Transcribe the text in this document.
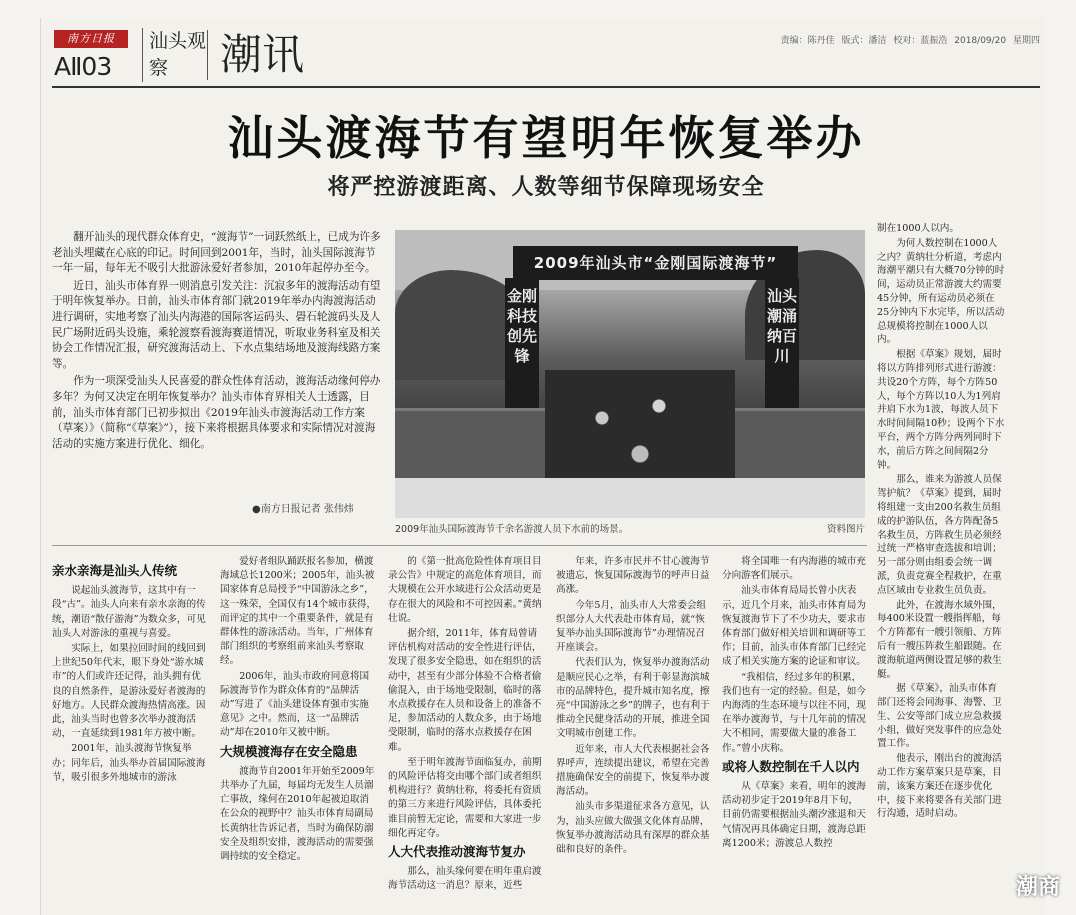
南方日报
AⅡ03
汕头观察	潮讯	责编：陈丹佳 版式：潘洁 校对：蓝振浩 2018/09/20 星期四
汕头渡海节有望明年恢复举办
将严控游渡距离、人数等细节保障现场安全

翻开汕头的现代群众体育史，“渡海节”一词跃然纸上，已成为许多老汕头埋藏在心底的印记。时间回到2001年，当时，汕头国际渡海节一年一届，每年无不吸引大批游泳爱好者参加，2010年起停办至今。

近日，汕头市体育界一则消息引发关注：沉寂多年的渡海活动有望于明年恢复举办。日前，汕头市体育部门就2019年举办内海渡海活动进行调研，实地考察了汕头内海港的国际客运码头、礐石轮渡码头及人民广场附近码头设施，乘轮渡察看渡海赛道情况，听取业务科室及相关协会工作情况汇报，研究渡海活动上、下水点集结场地及渡海线路方案等。

作为一项深受汕头人民喜爱的群众性体育活动，渡海活动缘何停办多年？为何又决定在明年恢复举办？汕头市体育界相关人士透露，目前，汕头市体育部门已初步拟出《2019年汕头市渡海活动工作方案（草案）》（简称“《草案》”），接下来将根据具体要求和实际情况对渡海活动的实施方案进行优化、细化。

●南方日报记者 张伟炜
2009年汕头市“金刚国际渡海节”
金刚科技创先锋
汕头潮涌纳百川
2009年汕头国际渡海节千余名游渡人员下水前的场景。	资料图片

制在1000人以内。

为何人数控制在1000人之内？黄纳壮分析道，考虑内海潮平潮只有大概70分钟的时间，运动员正常游渡大约需要45分钟，所有运动员必须在25分钟内下水完毕，所以活动总规模将控制在1000人以内。

根据《草案》规划，届时将以方阵排列形式进行游渡：共设20个方阵，每个方阵50人，每个方阵以10人为1列肩并肩下水为1波，每波人员下水时间间隔10秒；设两个下水平台，两个方阵分两列同时下水，前后方阵之间间隔2分钟。

那么，谁来为游渡人员保驾护航？《草案》提到，届时将组建一支由200名救生员组成的护游队伍，各方阵配备5名救生员，方阵救生员必须经过统一严格审查选拔和培训；另一部分则由组委会统一调派，负责竞赛全程救护，在重点区域由专业救生员负责。

此外，在渡海水域外围，每400米设置一艘指挥船，每个方阵都有一艘引领船、方阵后有一艘压阵救生船跟随。在渡海航道两侧设置足够的救生艇。

据《草案》，汕头市体育部门还将会同海事、海警、卫生、公安等部门成立应急救援小组，做好突发事件的应急处置工作。

他表示，刚出台的渡海活动工作方案草案只是草案，目前，该案方案还在逐步优化中，接下来将要各有关部门进行沟通，适时启动。

亲水亲海是汕头人传统

说起汕头渡海节，这其中有一段“古”。汕头人向来有亲水亲海的传统，潮语“散仔游海”为数众多，可见汕头人对游泳的重视与喜爱。

实际上，如果拉回时间的线回到上世纪50年代末，眼下身处“游水城市”的人们或许还记得，汕头拥有优良的自然条件，是游泳爱好者渡海的好地方。人民群众渡海热情高涨。因此，汕头当时也曾多次举办渡海活动，一直延续到1981年方被中断。

2001年，汕头渡海节恢复举办；同年后，汕头举办首届国际渡海节，吸引很多外地城市的游泳

爱好者组队踊跃报名参加，横渡海域总长1200米；2005年，汕头被国家体育总局授予“中国游泳之乡”，这一殊荣，全国仅有14个城市获得，而评定的其中一个重要条件，就是有群体性的游泳活动。当年，广州体育部门组织的考察组前来汕头考察取经。

2006年，汕头市政府同意将国际渡海节作为群众体育的“品牌活动”写进了《汕头建设体育强市实施意见》之中。然而，这一“品牌活动”却在2010年又被中断。

大规模渡海存在安全隐患

渡海节自2001年开始至2009年共举办了九届，每届均无发生人员溺亡事故，缘何在2010年起被迫取消在公众的视野中？汕头市体育局副局长黄纳壮告诉记者，当时为确保防溺安全及组织安排，渡海活动的需要强调持续的安全稳定。

的《第一批高危险性体育项目目录公告》中规定的高危体育项目，而大规模在公开水域进行公众活动更是存在很大的风险和不可控因素。”黄纳壮说。

据介绍，2011年，体育局曾请评估机构对活动的安全性进行评估，发现了很多安全隐患，如在组织的活动中，甚至有少部分体验不合格者偷偷混入，由于场地受限制，临时的落水点救援存在人员和设备上的准备不足，参加活动的人数众多，由于场地受限制，临时的落水点救援存在困难。

至于明年渡海节面临复办，前期的风险评估将交由哪个部门或者组织机构进行？黄纳壮称，将委托有资质的第三方来进行风险评估，具体委托谁目前暂无定论，需要和大家进一步细化再定夺。

人大代表推动渡海节复办

那么，汕头缘何要在明年重启渡海节活动这一消息？原来，近些

年来，许多市民并不甘心渡海节被遗忘，恢复国际渡海节的呼声日益高涨。

今年5月，汕头市人大常委会组织部分人大代表赴市体育局，就“恢复举办汕头国际渡海节”办理情况召开座谈会。

代表们认为，恢复举办渡海活动是顺应民心之举，有利于彰显海滨城市的品牌特色，提升城市知名度，擦亮“中国游泳之乡”的牌子，也有利于推动全民健身活动的开展，推进全国文明城市创建工作。

近年来，市人大代表根据社会各界呼声，连续提出建议，希望在完善措施确保安全的前提下，恢复举办渡海活动。

汕头市多渠道征求各方意见，认为，汕头应做大做强文化体育品牌，恢复举办渡海活动具有深厚的群众基础和良好的条件。

将全国唯一有内海港的城市充分向游客们展示。

汕头市体育局局长曾小庆表示，近几个月来，汕头市体育局为恢复渡海节下了不少功夫，要求市体育部门做好相关培训和调研等工作；目前，汕头市体育部门已经完成了相关实施方案的论证和审议。

“我相信，经过多年的积累，我们也有一定的经验。但是，如今内海湾的生态环境与以往不同，现在举办渡海节，与十几年前的情况大不相同，需要做大量的准备工作。”曾小庆称。

或将人数控制在千人以内

从《草案》来看，明年的渡海活动初步定于2019年8月下旬，目前仍需要根据汕头潮汐涨退和天气情况再具体确定日期，渡海总距离1200米；游渡总人数控

潮商
